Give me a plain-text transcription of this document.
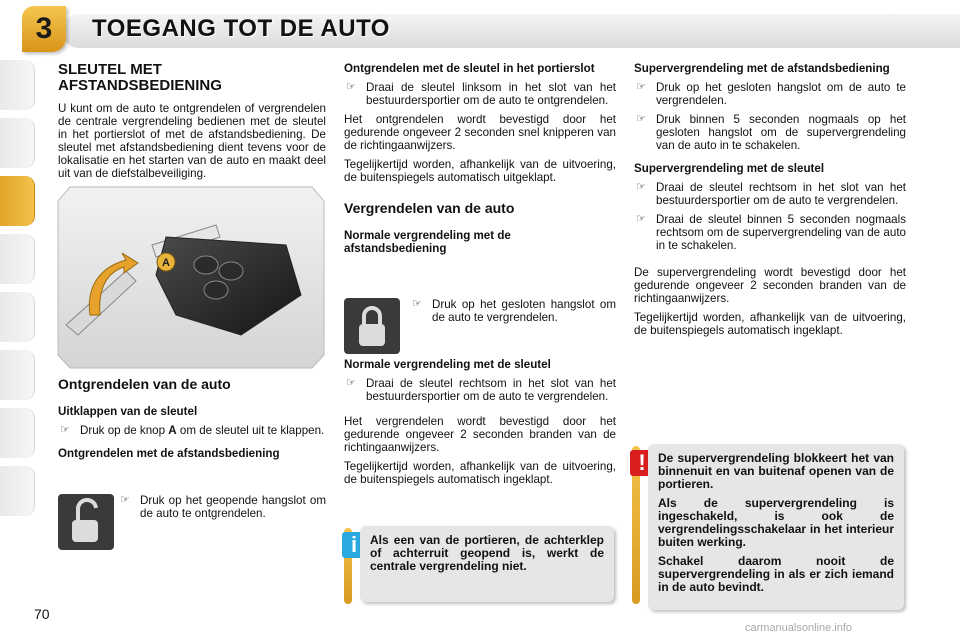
3	TOEGANG TOT DE AUTO
SLEUTEL MET AFSTANDSBEDIENING

U kunt om de auto te ontgrendelen of vergrendelen de centrale vergrendeling bedienen met de sleutel in het portierslot of met de afstandsbediening. De sleutel met afstandsbediening dient tevens voor de lokalisatie en het starten van de auto en maakt deel uit van de diefstalbeveiliging.

A
Ontgrendelen van de auto
Uitklappen van de sleutel
☞ Druk op de knop A om de sleutel uit te klappen.
Ontgrendelen met de afstandsbediening
☞ Druk op het geopende hangslot om de auto te ontgrendelen.
Ontgrendelen met de sleutel in het portierslot
☞ Draai de sleutel linksom in het slot van het bestuurdersportier om de auto te ontgrendelen.

Het ontgrendelen wordt bevestigd door het gedurende ongeveer 2 seconden snel knipperen van de richtingaanwijzers.

Tegelijkertijd worden, afhankelijk van de uitvoering, de buitenspiegels automatisch uitgeklapt.

Vergrendelen van de auto
Normale vergrendeling met de afstandsbediening
☞ Druk op het gesloten hangslot om de auto te vergrendelen.
Normale vergrendeling met de sleutel
☞ Draai de sleutel rechtsom in het slot van het bestuurdersportier om de auto te vergrendelen.

Het vergrendelen wordt bevestigd door het gedurende ongeveer 2 seconden branden van de richtingaanwijzers.

Tegelijkertijd worden, afhankelijk van de uitvoering, de buitenspiegels automatisch ingeklapt.

i	Als een van de portieren, de achterklep of achterruit geopend is, werkt de centrale vergrendeling niet.

Supervergrendeling met de afstandsbediening
☞ Druk op het gesloten hangslot om de auto te vergrendelen.
☞ Druk binnen 5 seconden nogmaals op het gesloten hangslot om de supervergrendeling van de auto in te schakelen.
Supervergrendeling met de sleutel
☞ Draai de sleutel rechtsom in het slot van het bestuurdersportier om de auto te vergrendelen.
☞ Draai de sleutel binnen 5 seconden nogmaals rechtsom om de supervergrendeling van de auto in te schakelen.

De supervergrendeling wordt bevestigd door het gedurende ongeveer 2 seconden branden van de richtingaanwijzers.

Tegelijkertijd worden, afhankelijk van de uitvoering, de buitenspiegels automatisch ingeklapt.

!	De supervergrendeling blokkeert het van binnenuit en van buitenaf openen van de portieren.

Als de supervergrendeling is ingeschakeld, is ook de vergrendelingsschakelaar in het interieur buiten werking.

Schakel daarom nooit de supervergrendeling in als er zich iemand in de auto bevindt.

70
carmanualsonline.info
